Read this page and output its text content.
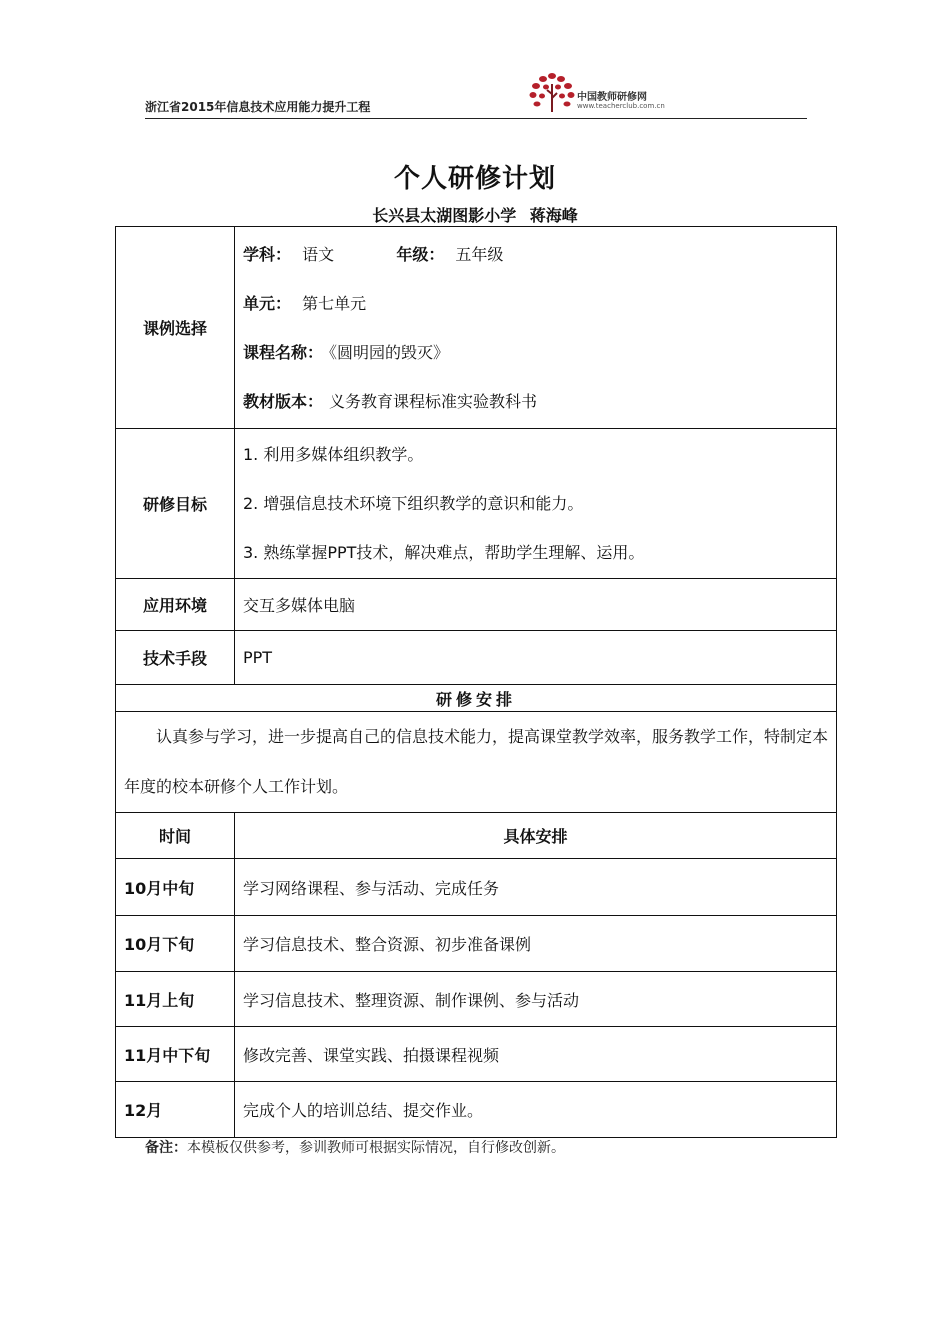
浙江省2015年信息技术应用能力提升工程
中国教师研修网
www.teacherclub.com.cn
个人研修计划
长兴县太湖图影小学 蒋海峰
课例选择	学科： 语文 年级： 五年级
单元： 第七单元
课程名称： 《圆明园的毁灭》
教材版本： 义务教育课程标准实验教科书

研修目标	1. 利用多媒体组织教学。
2. 增强信息技术环境下组织教学的意识和能力。
3. 熟练掌握PPT技术，解决难点，帮助学生理解、运用。

应用环境	交互多媒体电脑
技术手段	PPT
研修安排	
认真参与学习，进一步提高自己的信息技术能力，提高课堂教学效率，服务教学工作，特制定本年度的校本研修个人工作计划。	
时间	具体安排
10月中旬	学习网络课程、参与活动、完成任务
10月下旬	学习信息技术、整合资源、初步准备课例
11月上旬	学习信息技术、整理资源、制作课例、参与活动
11月中下旬	修改完善、课堂实践、拍摄课程视频
12月	完成个人的培训总结、提交作业。
备注：本模板仅供参考，参训教师可根据实际情况，自行修改创新。
